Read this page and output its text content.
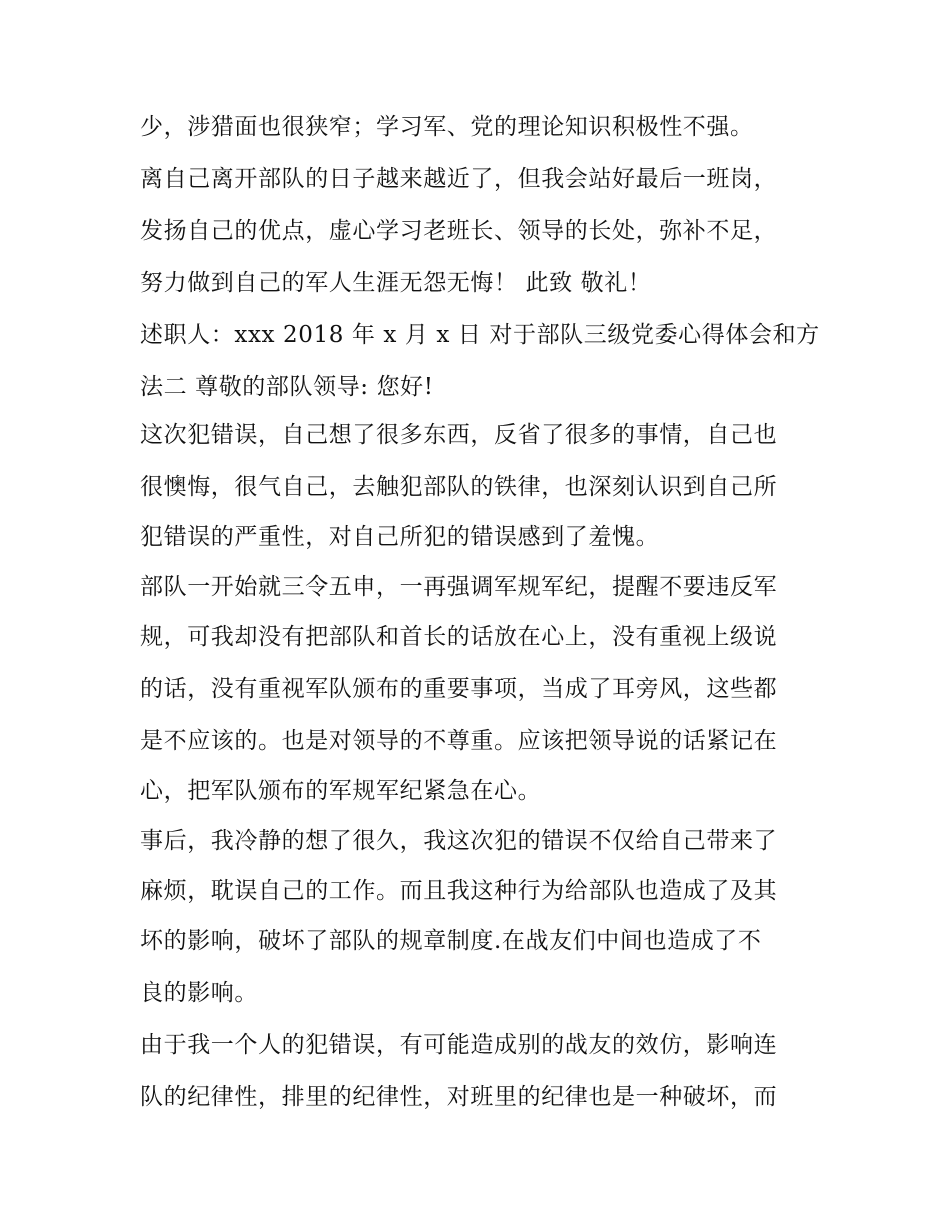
少，涉猎面也很狭窄；学习军、党的理论知识积极性不强。
离自己离开部队的日子越来越近了，但我会站好最后一班岗，
发扬自己的优点，虚心学习老班长、领导的长处，弥补不足，
努力做到自己的军人生涯无怨无悔！ 此致 敬礼！
述职人：xxx 2018 年 x 月 x 日 对于部队三级党委心得体会和方
法二 尊敬的部队领导: 您好!
这次犯错误，自己想了很多东西，反省了很多的事情，自己也
很懊悔，很气自己，去触犯部队的铁律，也深刻认识到自己所
犯错误的严重性，对自己所犯的错误感到了羞愧。
部队一开始就三令五申，一再强调军规军纪，提醒不要违反军
规，可我却没有把部队和首长的话放在心上，没有重视上级说
的话，没有重视军队颁布的重要事项，当成了耳旁风，这些都
是不应该的。也是对领导的不尊重。应该把领导说的话紧记在
心，把军队颁布的军规军纪紧急在心。
事后，我冷静的想了很久，我这次犯的错误不仅给自己带来了
麻烦，耽误自己的工作。而且我这种行为给部队也造成了及其
坏的影响，破坏了部队的规章制度.在战友们中间也造成了不
良的影响。
由于我一个人的犯错误，有可能造成别的战友的效仿，影响连
队的纪律性，排里的纪律性，对班里的纪律也是一种破坏，而
